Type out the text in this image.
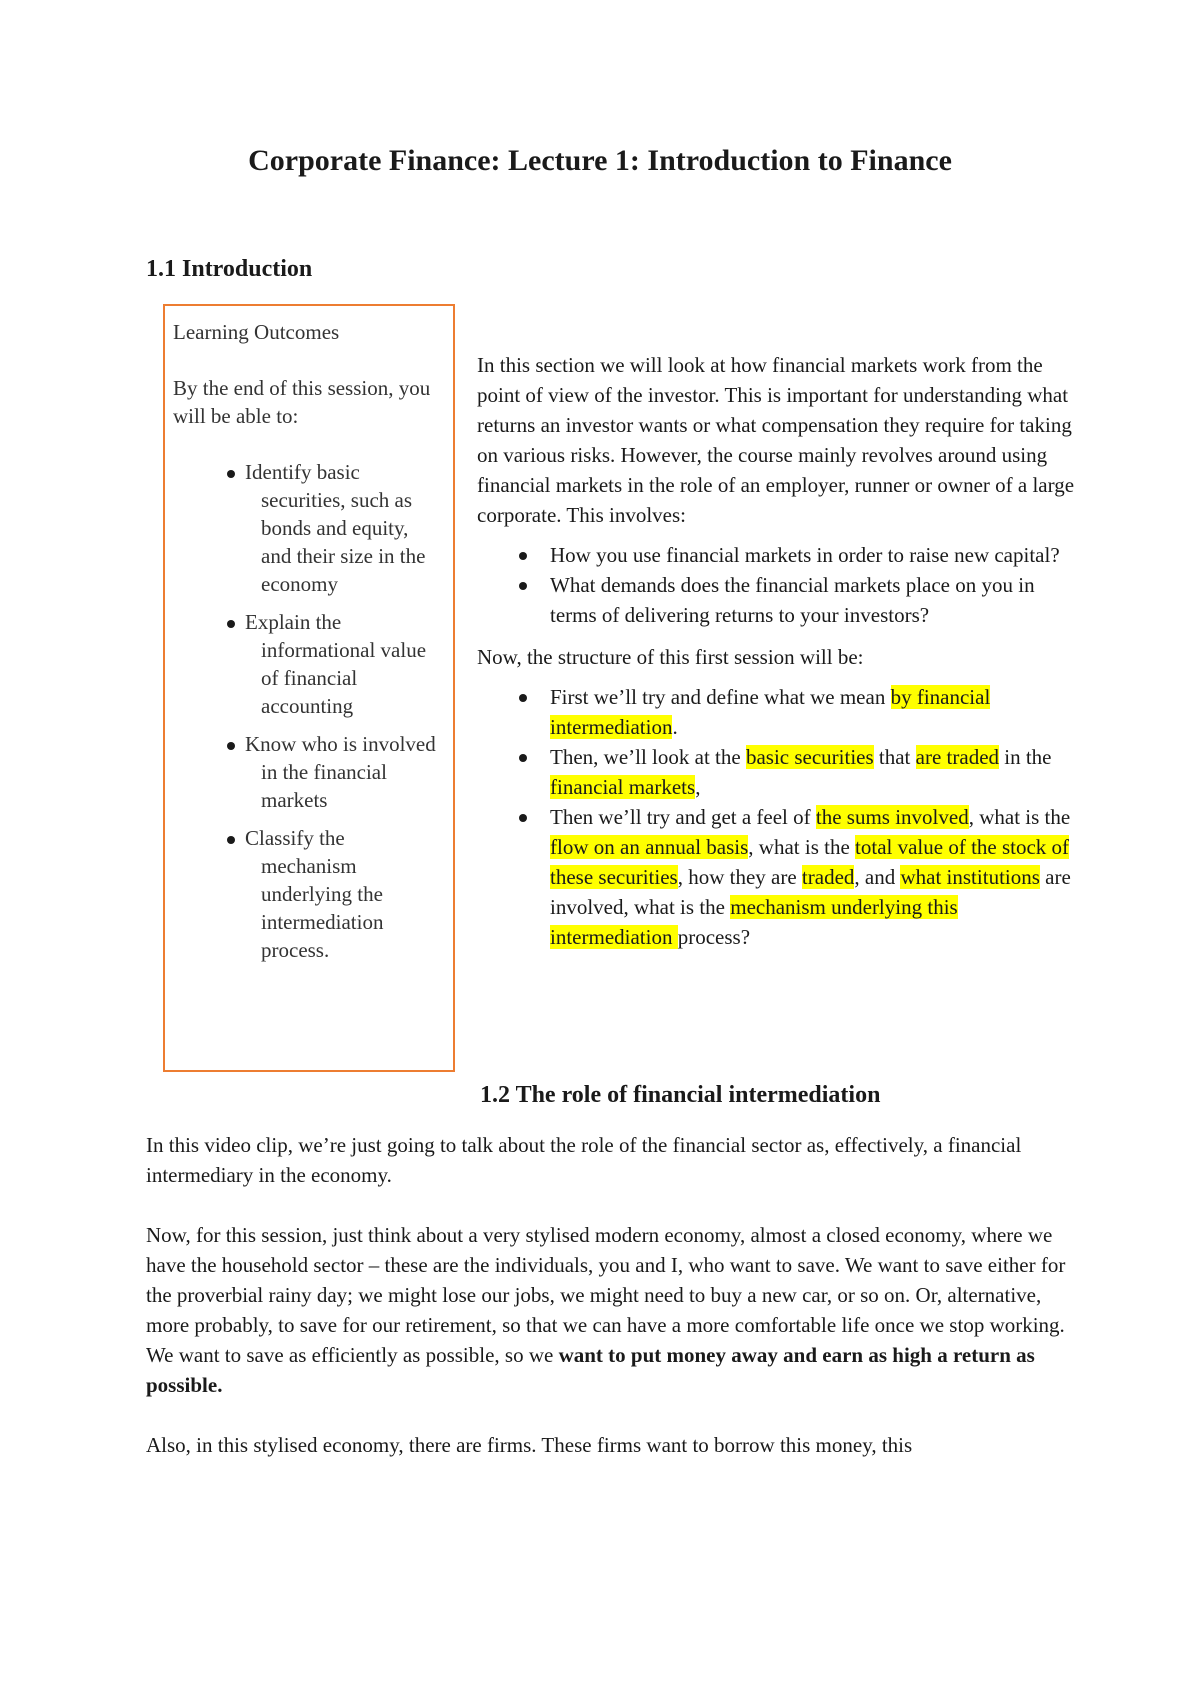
Corporate Finance: Lecture 1: Introduction to Finance
1.1 Introduction

Learning Outcomes

By the end of this session, you will be able to:

Identify basic securities, such as bonds and equity, and their size in the economy
Explain the informational value of financial accounting
Know who is involved in the financial markets
Classify the mechanism underlying the intermediation process.

In this section we will look at how financial markets work from the point of view of the investor. This is important for understanding what returns an investor wants or what compensation they require for taking on various risks. However, the course mainly revolves around using financial markets in the role of an employer, runner or owner of a large corporate. This involves:

How you use financial markets in order to raise new capital?
What demands does the financial markets place on you in terms of delivering returns to your investors?

Now, the structure of this first session will be:

First we’ll try and define what we mean by financial intermediation.
Then, we’ll look at the basic securities that are traded in the financial markets,
Then we’ll try and get a feel of the sums involved, what is the flow on an annual basis, what is the total value of the stock of these securities, how they are traded, and what institutions are involved, what is the mechanism underlying this intermediation process?
1.2 The role of financial intermediation

In this video clip, we’re just going to talk about the role of the financial sector as, effectively, a financial intermediary in the economy.

Now, for this session, just think about a very stylised modern economy, almost a closed economy, where we have the household sector – these are the individuals, you and I, who want to save. We want to save either for the proverbial rainy day; we might lose our jobs, we might need to buy a new car, or so on. Or, alternative, more probably, to save for our retirement, so that we can have a more comfortable life once we stop working. We want to save as efficiently as possible, so we want to put money away and earn as high a return as possible.

Also, in this stylised economy, there are firms. These firms want to borrow this money, this
